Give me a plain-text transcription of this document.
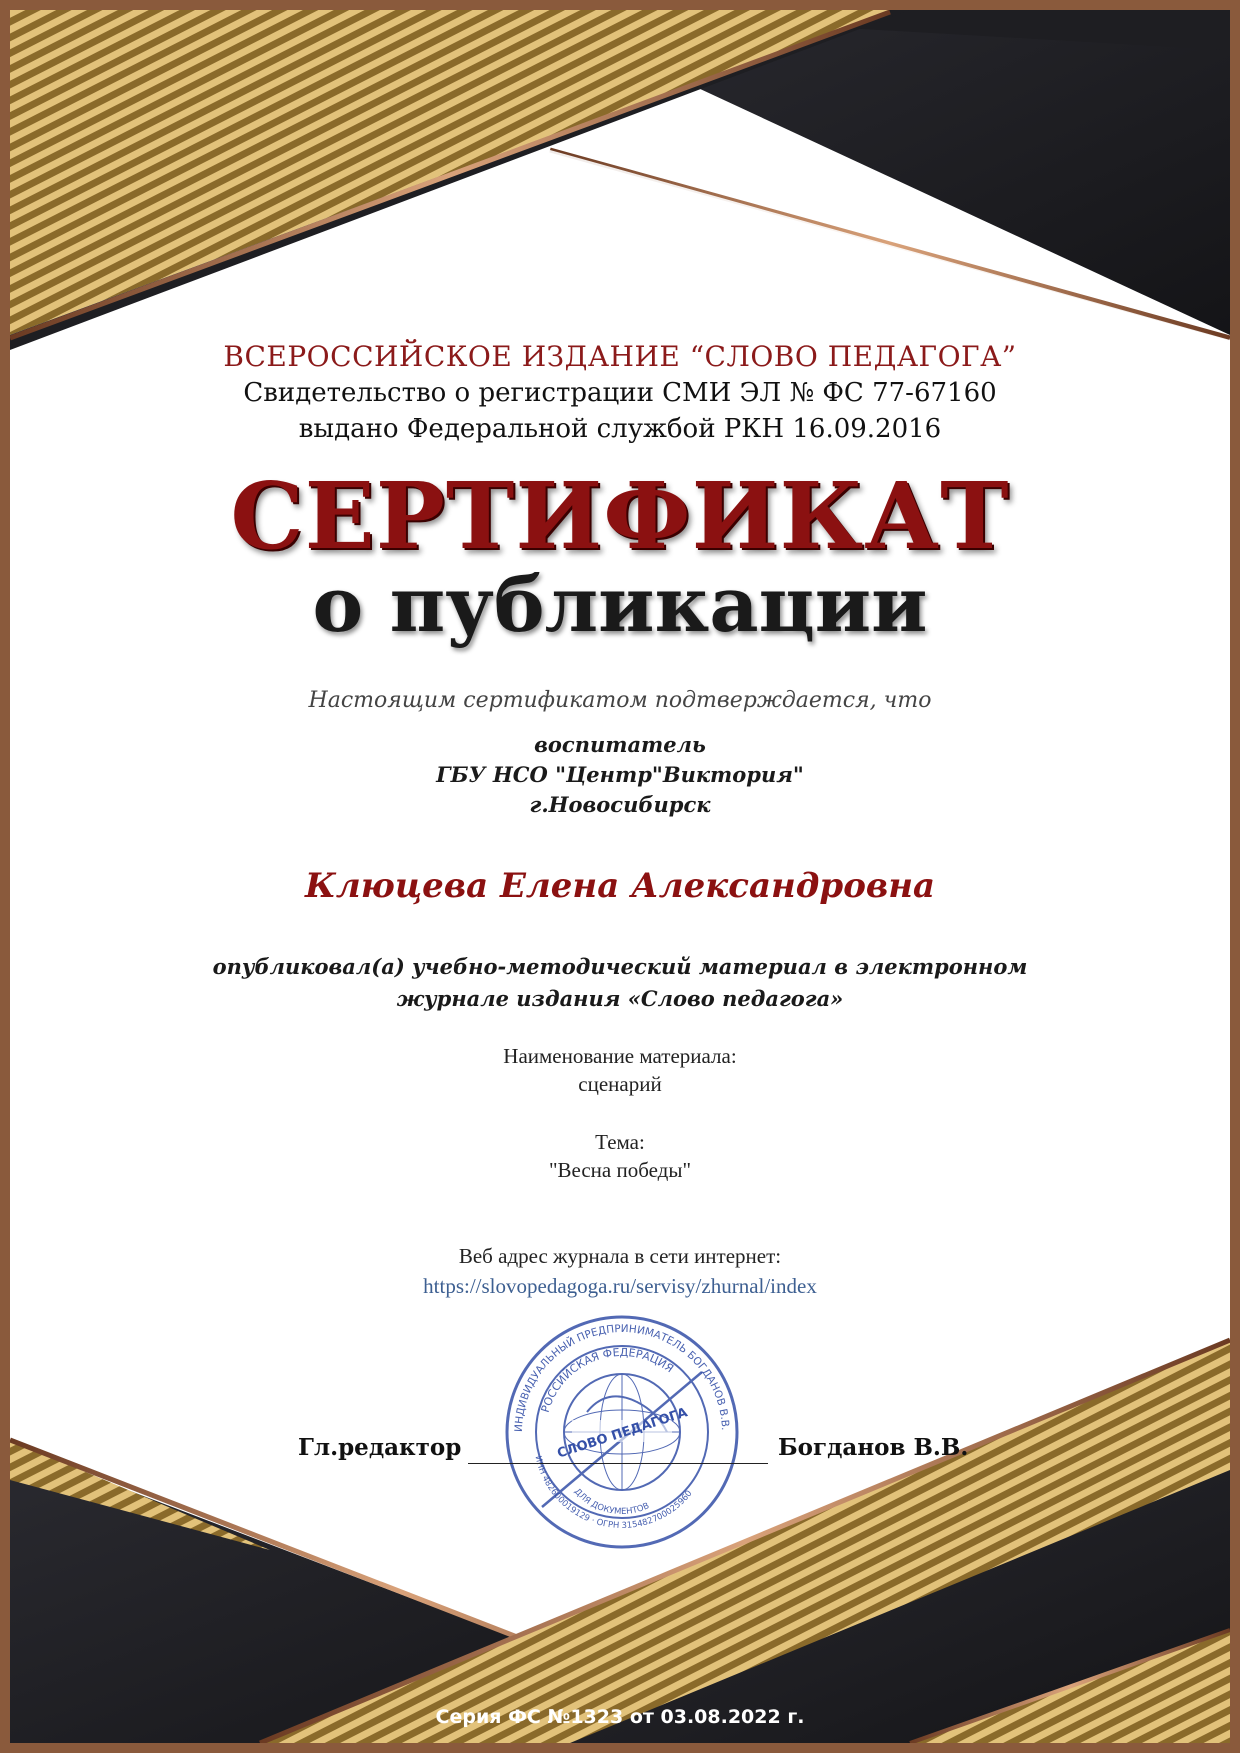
ВСЕРОССИЙСКОЕ ИЗДАНИЕ “СЛОВО ПЕДАГОГА”
Свидетельство о регистрации СМИ ЭЛ № ФС 77-67160
выдано Федеральной службой РКН 16.09.2016
СЕРТИФИКАТ
о публикации
Настоящим сертификатом подтверждается, что
воспитатель
ГБУ НСО "Центр"Виктория"
г.Новосибирск
Клюцева Елена Александровна
опубликовал(а) учебно-методический материал в электронном
журнале издания «Слово педагога»
Наименование материала:
сценарий
Тема:
"Весна победы"
Веб адрес журнала в сети интернет:
https://slovopedagoga.ru/servisy/zhurnal/index
ИНДИВИДУАЛЬНЫЙ ПРЕДПРИНИМАТЕЛЬ БОГДАНОВ В.В.
РОССИЙСКАЯ ФЕДЕРАЦИЯ
СЛОВО ПЕДАГОГА
ИНН 482600019129 · ОГРН 315482700025960
ДЛЯ ДОКУМЕНТОВ
Гл.редактор	Богданов В.В.
Серия ФС №1323 от 03.08.2022 г.
